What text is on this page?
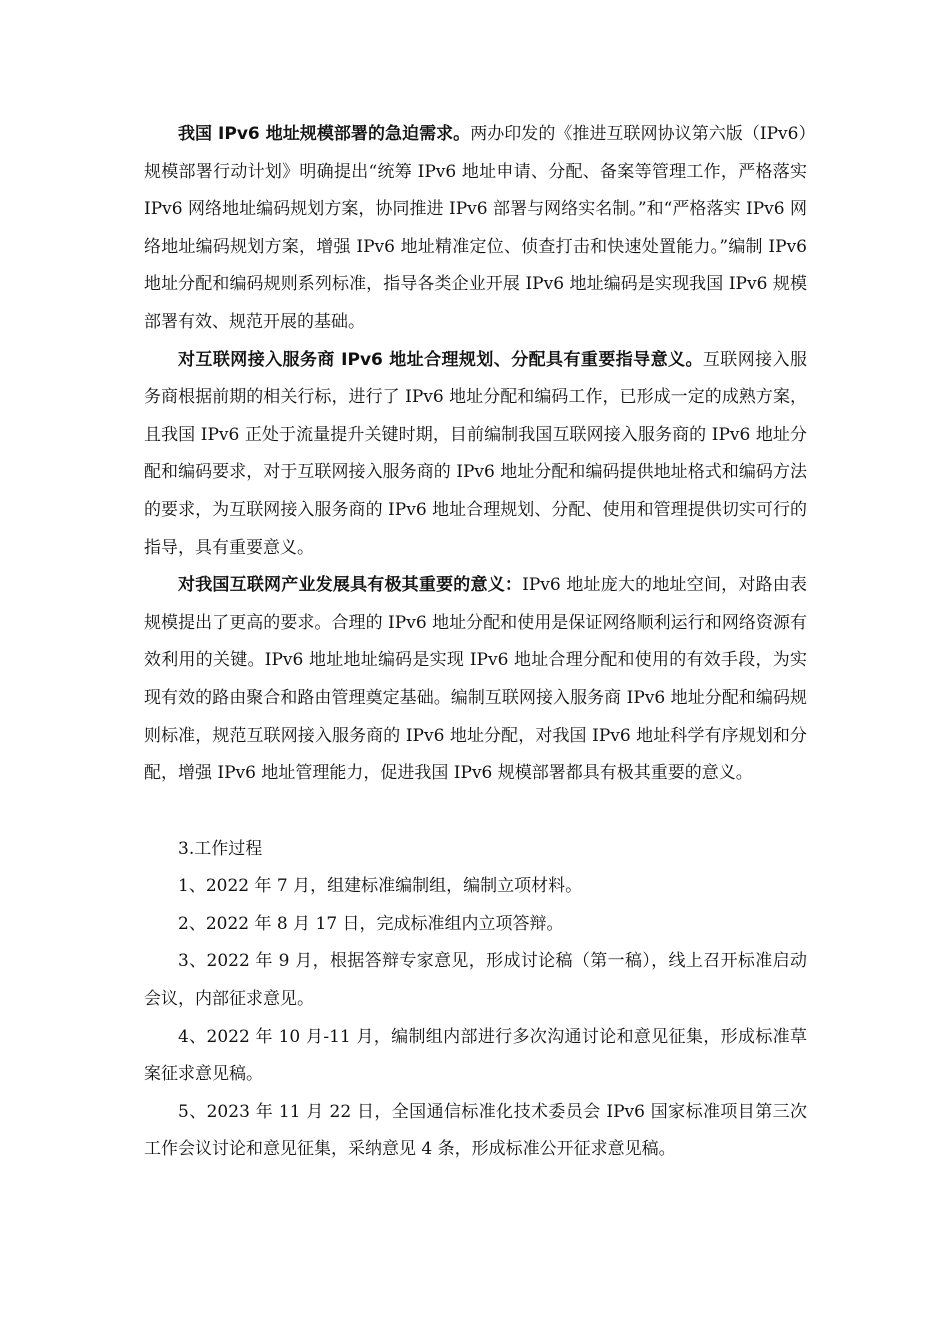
我国 IPv6 地址规模部署的急迫需求。两办印发的《推进互联网协议第六版（IPv6）规模部署行动计划》明确提出“统筹 IPv6 地址申请、分配、备案等管理工作，严格落实 IPv6 网络地址编码规划方案，协同推进 IPv6 部署与网络实名制。”和“严格落实 IPv6 网络地址编码规划方案，增强 IPv6 地址精准定位、侦查打击和快速处置能力。”编制 IPv6 地址分配和编码规则系列标准，指导各类企业开展 IPv6 地址编码是实现我国 IPv6 规模部署有效、规范开展的基础。

对互联网接入服务商 IPv6 地址合理规划、分配具有重要指导意义。互联网接入服务商根据前期的相关行标，进行了 IPv6 地址分配和编码工作，已形成一定的成熟方案，且我国 IPv6 正处于流量提升关键时期，目前编制我国互联网接入服务商的 IPv6 地址分配和编码要求，对于互联网接入服务商的 IPv6 地址分配和编码提供地址格式和编码方法的要求，为互联网接入服务商的 IPv6 地址合理规划、分配、使用和管理提供切实可行的指导，具有重要意义。

对我国互联网产业发展具有极其重要的意义：IPv6 地址庞大的地址空间，对路由表规模提出了更高的要求。合理的 IPv6 地址分配和使用是保证网络顺利运行和网络资源有效利用的关键。IPv6 地址地址编码是实现 IPv6 地址合理分配和使用的有效手段，为实现有效的路由聚合和路由管理奠定基础。编制互联网接入服务商 IPv6 地址分配和编码规则标准，规范互联网接入服务商的 IPv6 地址分配，对我国 IPv6 地址科学有序规划和分配，增强 IPv6 地址管理能力，促进我国 IPv6 规模部署都具有极其重要的意义。

3.工作过程

1、2022 年 7 月，组建标准编制组，编制立项材料。

2、2022 年 8 月 17 日，完成标准组内立项答辩。

3、2022 年 9 月，根据答辩专家意见，形成讨论稿（第一稿），线上召开标准启动会议，内部征求意见。

4、2022 年 10 月-11 月，编制组内部进行多次沟通讨论和意见征集，形成标准草案征求意见稿。

5、2023 年 11 月 22 日，全国通信标准化技术委员会 IPv6 国家标准项目第三次工作会议讨论和意见征集，采纳意见 4 条，形成标准公开征求意见稿。
